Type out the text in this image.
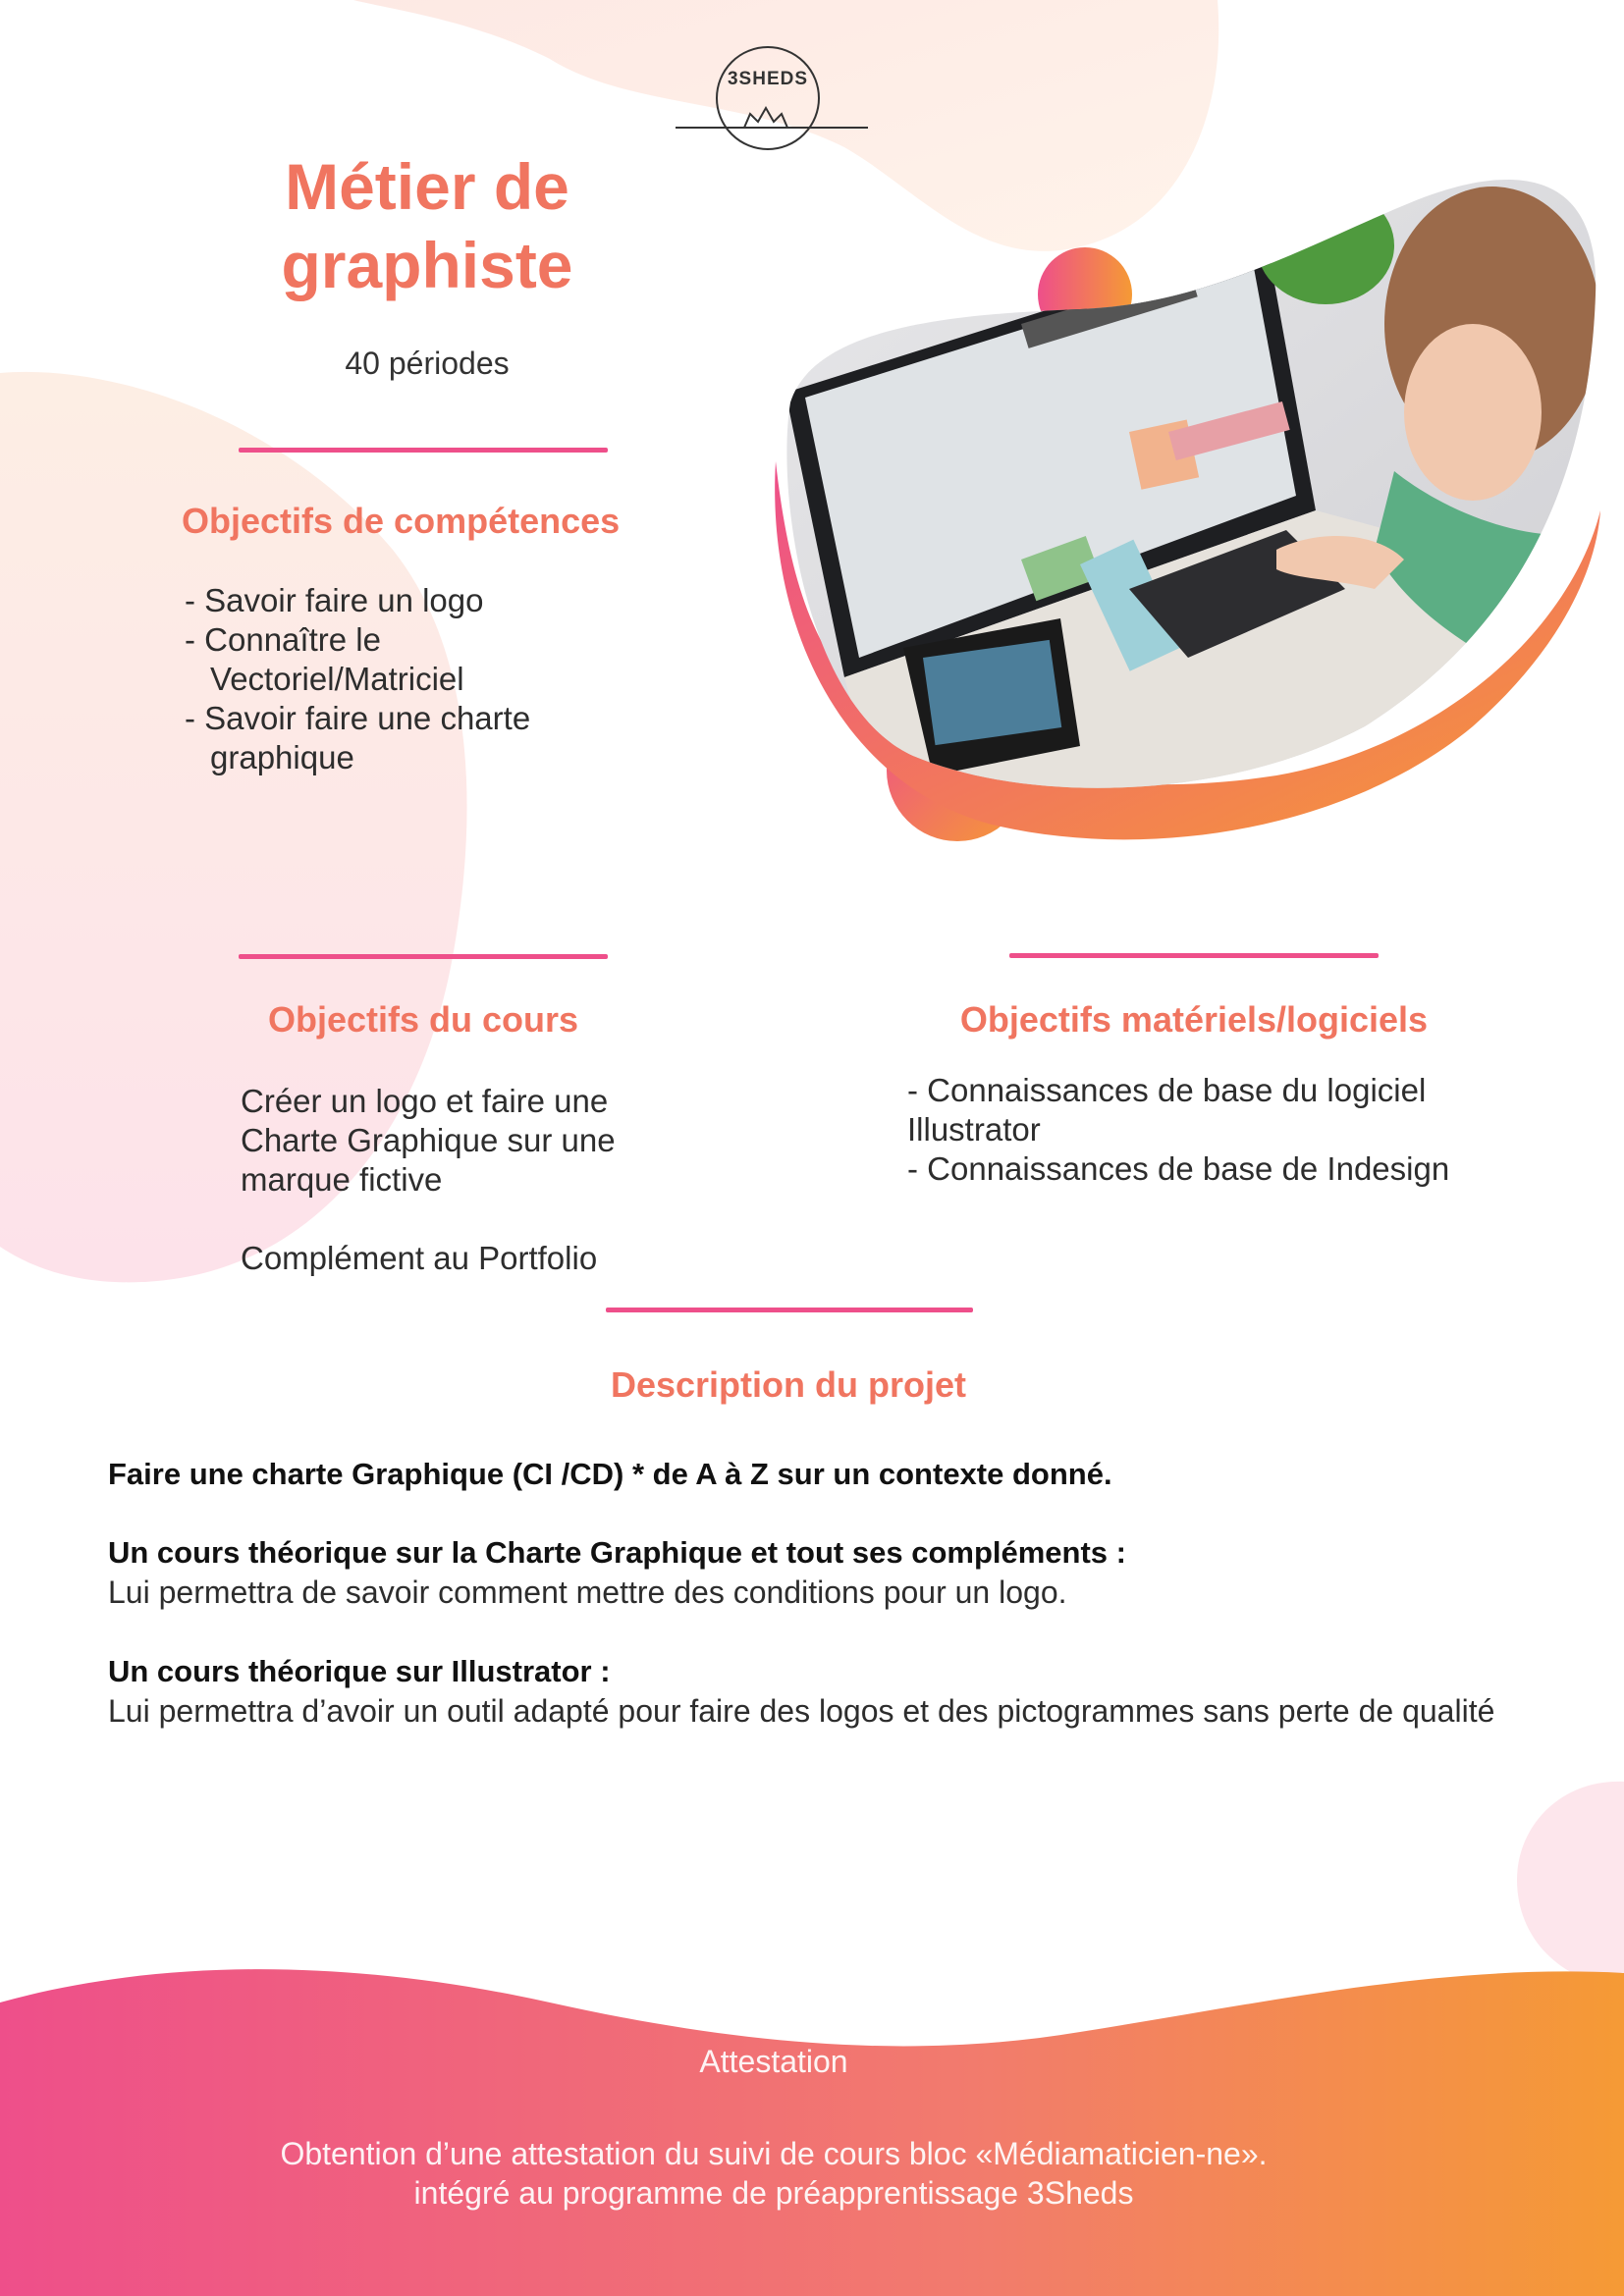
3SHEDS
Métier de graphiste
40 périodes
Objectifs de compétences
- Savoir faire un logo
- Connaître le Vectoriel/Matriciel
- Savoir faire une charte graphique
Objectifs du cours
Créer un logo et faire une Charte Graphique sur une marque fictive
Complément au Portfolio
Objectifs matériels/logiciels
- Connaissances de base du logiciel Illustrator
- Connaissances de base de Indesign
Description du projet
Faire une charte Graphique (CI /CD) * de A à Z sur un contexte donné.
Un cours théorique sur la Charte Graphique et tout ses compléments :
Lui permettra de savoir comment mettre des conditions pour un logo.
Un cours théorique sur Illustrator :
Lui permettra d’avoir un outil adapté pour faire des logos et des pictogrammes sans perte de qualité
Attestation
Obtention d’une attestation du suivi de cours bloc «Médiamaticien-ne».
intégré au programme de préapprentissage 3Sheds
